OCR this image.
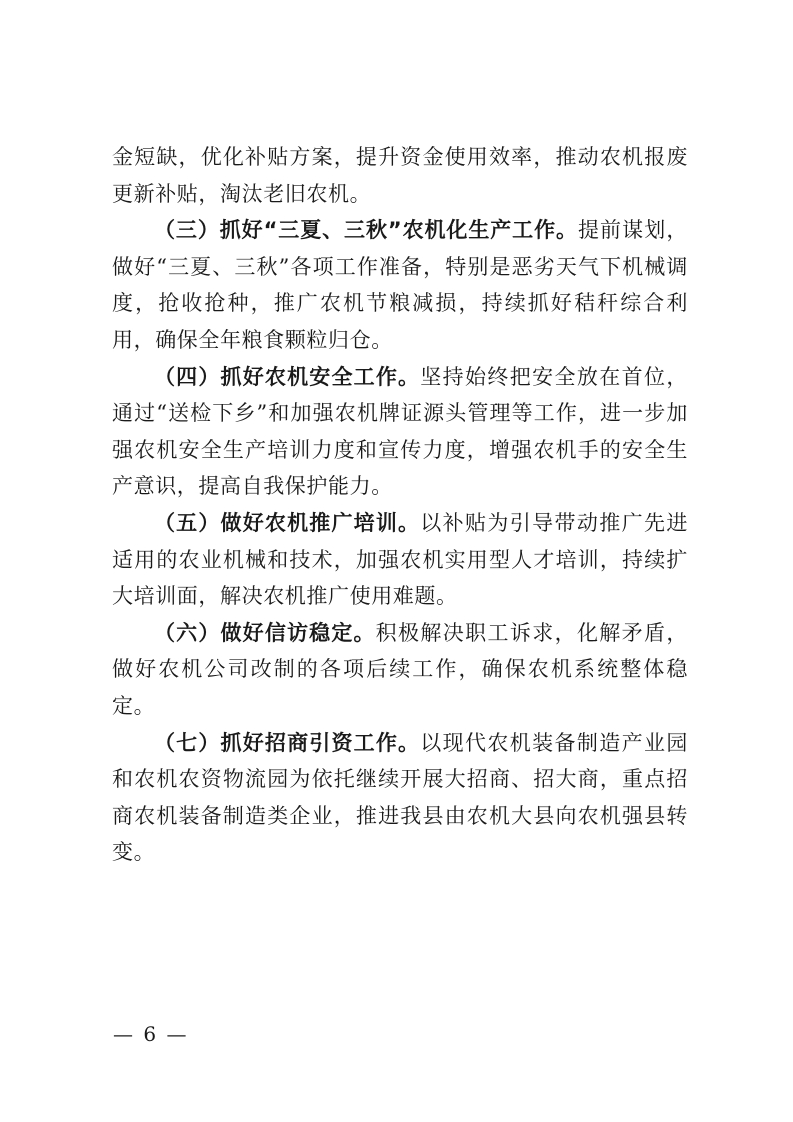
金短缺，优化补贴方案，提升资金使用效率，推动农机报废更新补贴，淘汰老旧农机。

（三）抓好“三夏、三秋”农机化生产工作。提前谋划，做好“三夏、三秋”各项工作准备，特别是恶劣天气下机械调度，抢收抢种，推广农机节粮减损，持续抓好秸秆综合利用，确保全年粮食颗粒归仓。

（四）抓好农机安全工作。坚持始终把安全放在首位，通过“送检下乡”和加强农机牌证源头管理等工作，进一步加强农机安全生产培训力度和宣传力度，增强农机手的安全生产意识，提高自我保护能力。

（五）做好农机推广培训。以补贴为引导带动推广先进适用的农业机械和技术，加强农机实用型人才培训，持续扩大培训面，解决农机推广使用难题。

（六）做好信访稳定。积极解决职工诉求，化解矛盾，做好农机公司改制的各项后续工作，确保农机系统整体稳定。

（七）抓好招商引资工作。以现代农机装备制造产业园和农机农资物流园为依托继续开展大招商、招大商，重点招商农机装备制造类企业，推进我县由农机大县向农机强县转变。

— 6 —
